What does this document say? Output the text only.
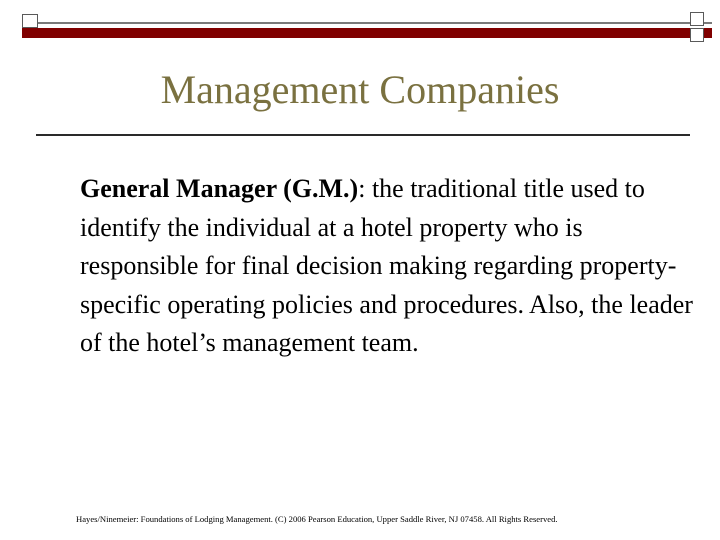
Management Companies
General Manager (G.M.): the traditional title used to identify the individual at a hotel property who is responsible for final decision making regarding property-specific operating policies and procedures. Also, the leader of the hotel’s management team.
Hayes/Ninemeier: Foundations of Lodging Management. (C) 2006 Pearson Education, Upper Saddle River, NJ 07458. All Rights Reserved.
